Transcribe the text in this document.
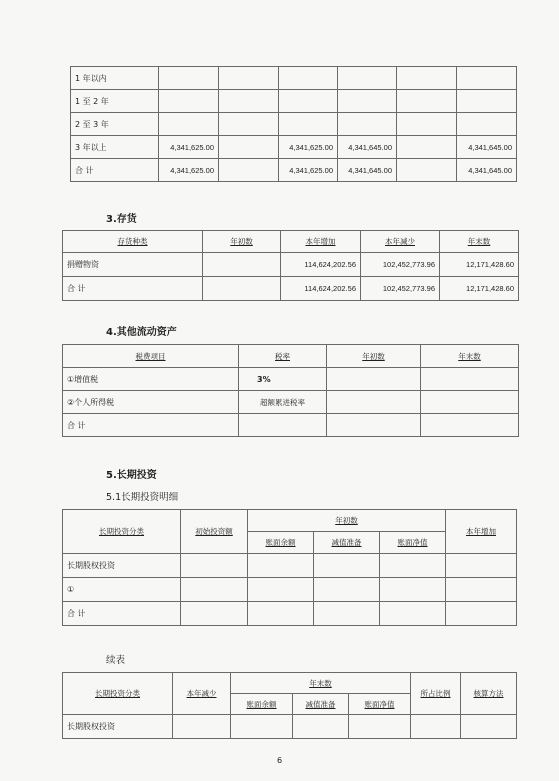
1 年以内						
1 至 2 年						
2 至 3 年						
3 年以上	4,341,625.00		4,341,625.00	4,341,645.00		4,341,645.00
合 计	4,341,625.00		4,341,625.00	4,341,645.00		4,341,645.00
3.存货
存货种类	年初数	本年增加	本年减少	年末数
捐赠物资		114,624,202.56	102,452,773.96	12,171,428.60
合 计		114,624,202.56	102,452,773.96	12,171,428.60
4.其他流动资产
税费项目	税率	年初数	年末数
①增值税	3%		
②个人所得税	超额累进税率		
合 计			
5.长期投资
5.1长期投资明细
长期投资分类	初始投资额	年初数			本年增加
		账面余额	减值准备	账面净值	
长期股权投资					
①					
合 计					
续表
长期投资分类	本年减少	年末数			所占比例	核算方法
		账面余额	减值准备	账面净值		
长期股权投资						
6
